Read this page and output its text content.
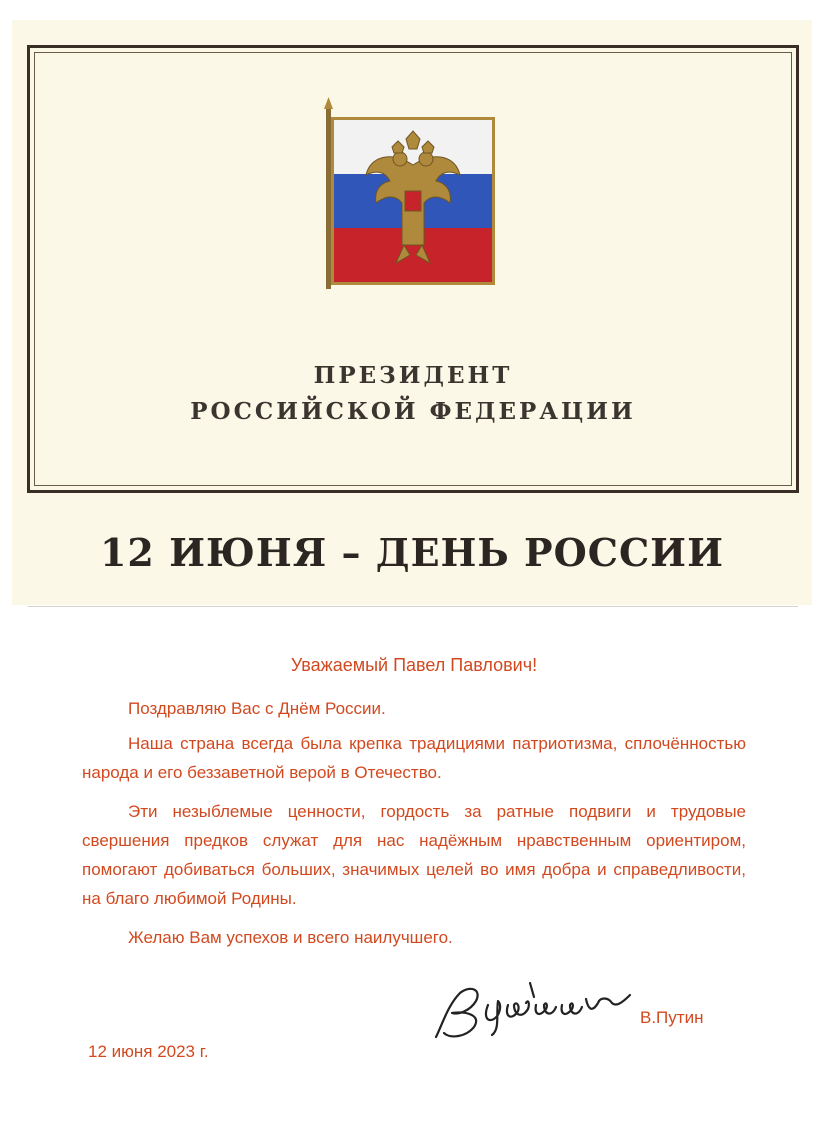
ПРЕЗИДЕНТ
РОССИЙСКОЙ ФЕДЕРАЦИИ
12 ИЮНЯ – ДЕНЬ РОССИИ

Уважаемый Павел Павлович!

Поздравляю Вас с Днём России.

Наша страна всегда была крепка традициями патриотизма, сплочённостью народа и его беззаветной верой в Отечество.

Эти незыблемые ценности, гордость за ратные подвиги и трудовые свершения предков служат для нас надёжным нравственным ориентиром, помогают добиваться больших, значимых целей во имя добра и справедливости, на благо любимой Родины.

Желаю Вам успехов и всего наилучшего.

В.Путин
12 июня 2023 г.
